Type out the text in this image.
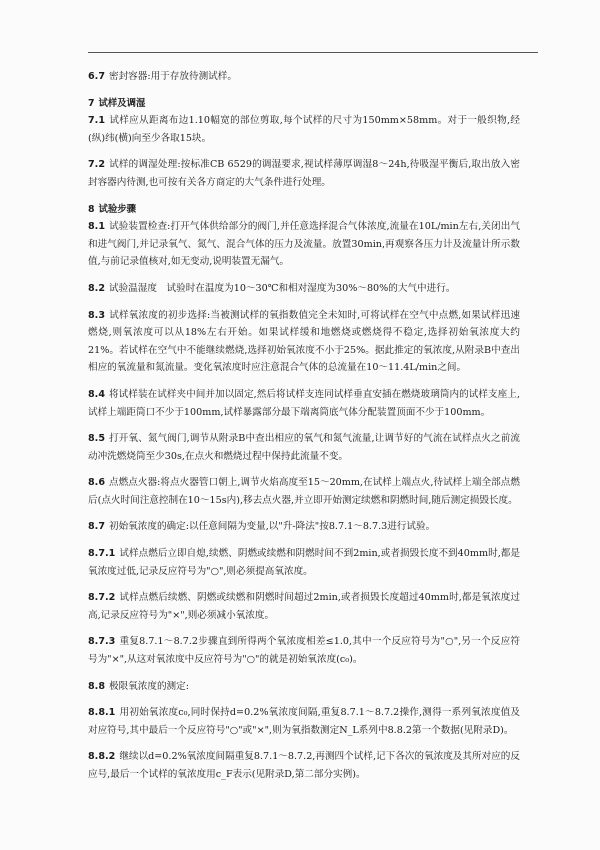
6.7 密封容器:用于存放待测试样。

7 试样及调湿

7.1 试样应从距离布边1.10幅宽的部位剪取,每个试样的尺寸为150mm×58mm。对于一般织物,经(纵)纬(横)向至少各取15块。

7.2 试样的调湿处理:按标准CB 6529的调湿要求,视试样薄厚调湿8～24h,待吸湿平衡后,取出放入密封容器内待测,也可按有关各方商定的大气条件进行处理。

8 试验步骤

8.1 试验装置检查:打开气体供给部分的阀门,并任意选择混合气体浓度,流量在10L/min左右,关闭出气和进气阀门,并记录氧气、氮气、混合气体的压力及流量。放置30min,再观察各压力计及流量计所示数值,与前记录值核对,如无变动,说明装置无漏气。

8.2 试验温湿度　试验时在温度为10～30℃和相对湿度为30%～80%的大气中进行。

8.3 试样氧浓度的初步选择:当被测试样的氧指数值完全未知时,可将试样在空气中点燃,如果试样迅速燃烧,则氧浓度可以从18%左右开始。如果试样缓和地燃烧或燃烧得不稳定,选择初始氧浓度大约21%。若试样在空气中不能继续燃烧,选择初始氧浓度不小于25%。据此推定的氧浓度,从附录B中查出相应的氧流量和氮流量。变化氧浓度时应注意混合气体的总流量在10～11.4L/min之间。

8.4 将试样装在试样夹中间并加以固定,然后将试样支连同试样垂直安插在燃烧玻璃筒内的试样支座上,试样上端距筒口不少于100mm,试样暴露部分最下端离筒底气体分配装置顶面不少于100mm。

8.5 打开氧、氮气阀门,调节从附录B中查出相应的氧气和氮气流量,让调节好的气流在试样点火之前流动冲洗燃烧筒至少30s,在点火和燃烧过程中保持此流量不变。

8.6 点燃点火器:将点火器管口朝上,调节火焰高度至15～20mm,在试样上端点火,待试样上端全部点燃后(点火时间注意控制在10～15s内),移去点火器,并立即开始测定续燃和阴燃时间,随后测定损毁长度。

8.7 初始氧浓度的确定:以任意间隔为变量,以"升-降法"按8.7.1～8.7.3进行试验。

8.7.1 试样点燃后立即自熄,续燃、阴燃或续燃和阴燃时间不到2min,或者损毁长度不到40mm时,都是氧浓度过低,记录反应符号为"○",则必须提高氧浓度。

8.7.2 试样点燃后续燃、阴燃或续燃和阴燃时间超过2min,或者损毁长度超过40mm时,都是氧浓度过高,记录反应符号为"×",则必须减小氧浓度。

8.7.3 重复8.7.1～8.7.2步骤直到所得两个氧浓度相差≤1.0,其中一个反应符号为"○",另一个反应符号为"×",从这对氧浓度中反应符号为"○"的就是初始氧浓度(c₀)。

8.8 极限氧浓度的测定:

8.8.1 用初始氧浓度c₀,同时保持d=0.2%氧浓度间隔,重复8.7.1～8.7.2操作,测得一系列氧浓度值及对应符号,其中最后一个反应符号"○"或"×",则为氧指数测定N_L系列中8.8.2第一个数据(见附录D)。

8.8.2 继续以d=0.2%氧浓度间隔重复8.7.1～8.7.2,再测四个试样,记下各次的氧浓度及其所对应的反应号,最后一个试样的氧浓度用c_F表示(见附录D,第二部分实例)。
